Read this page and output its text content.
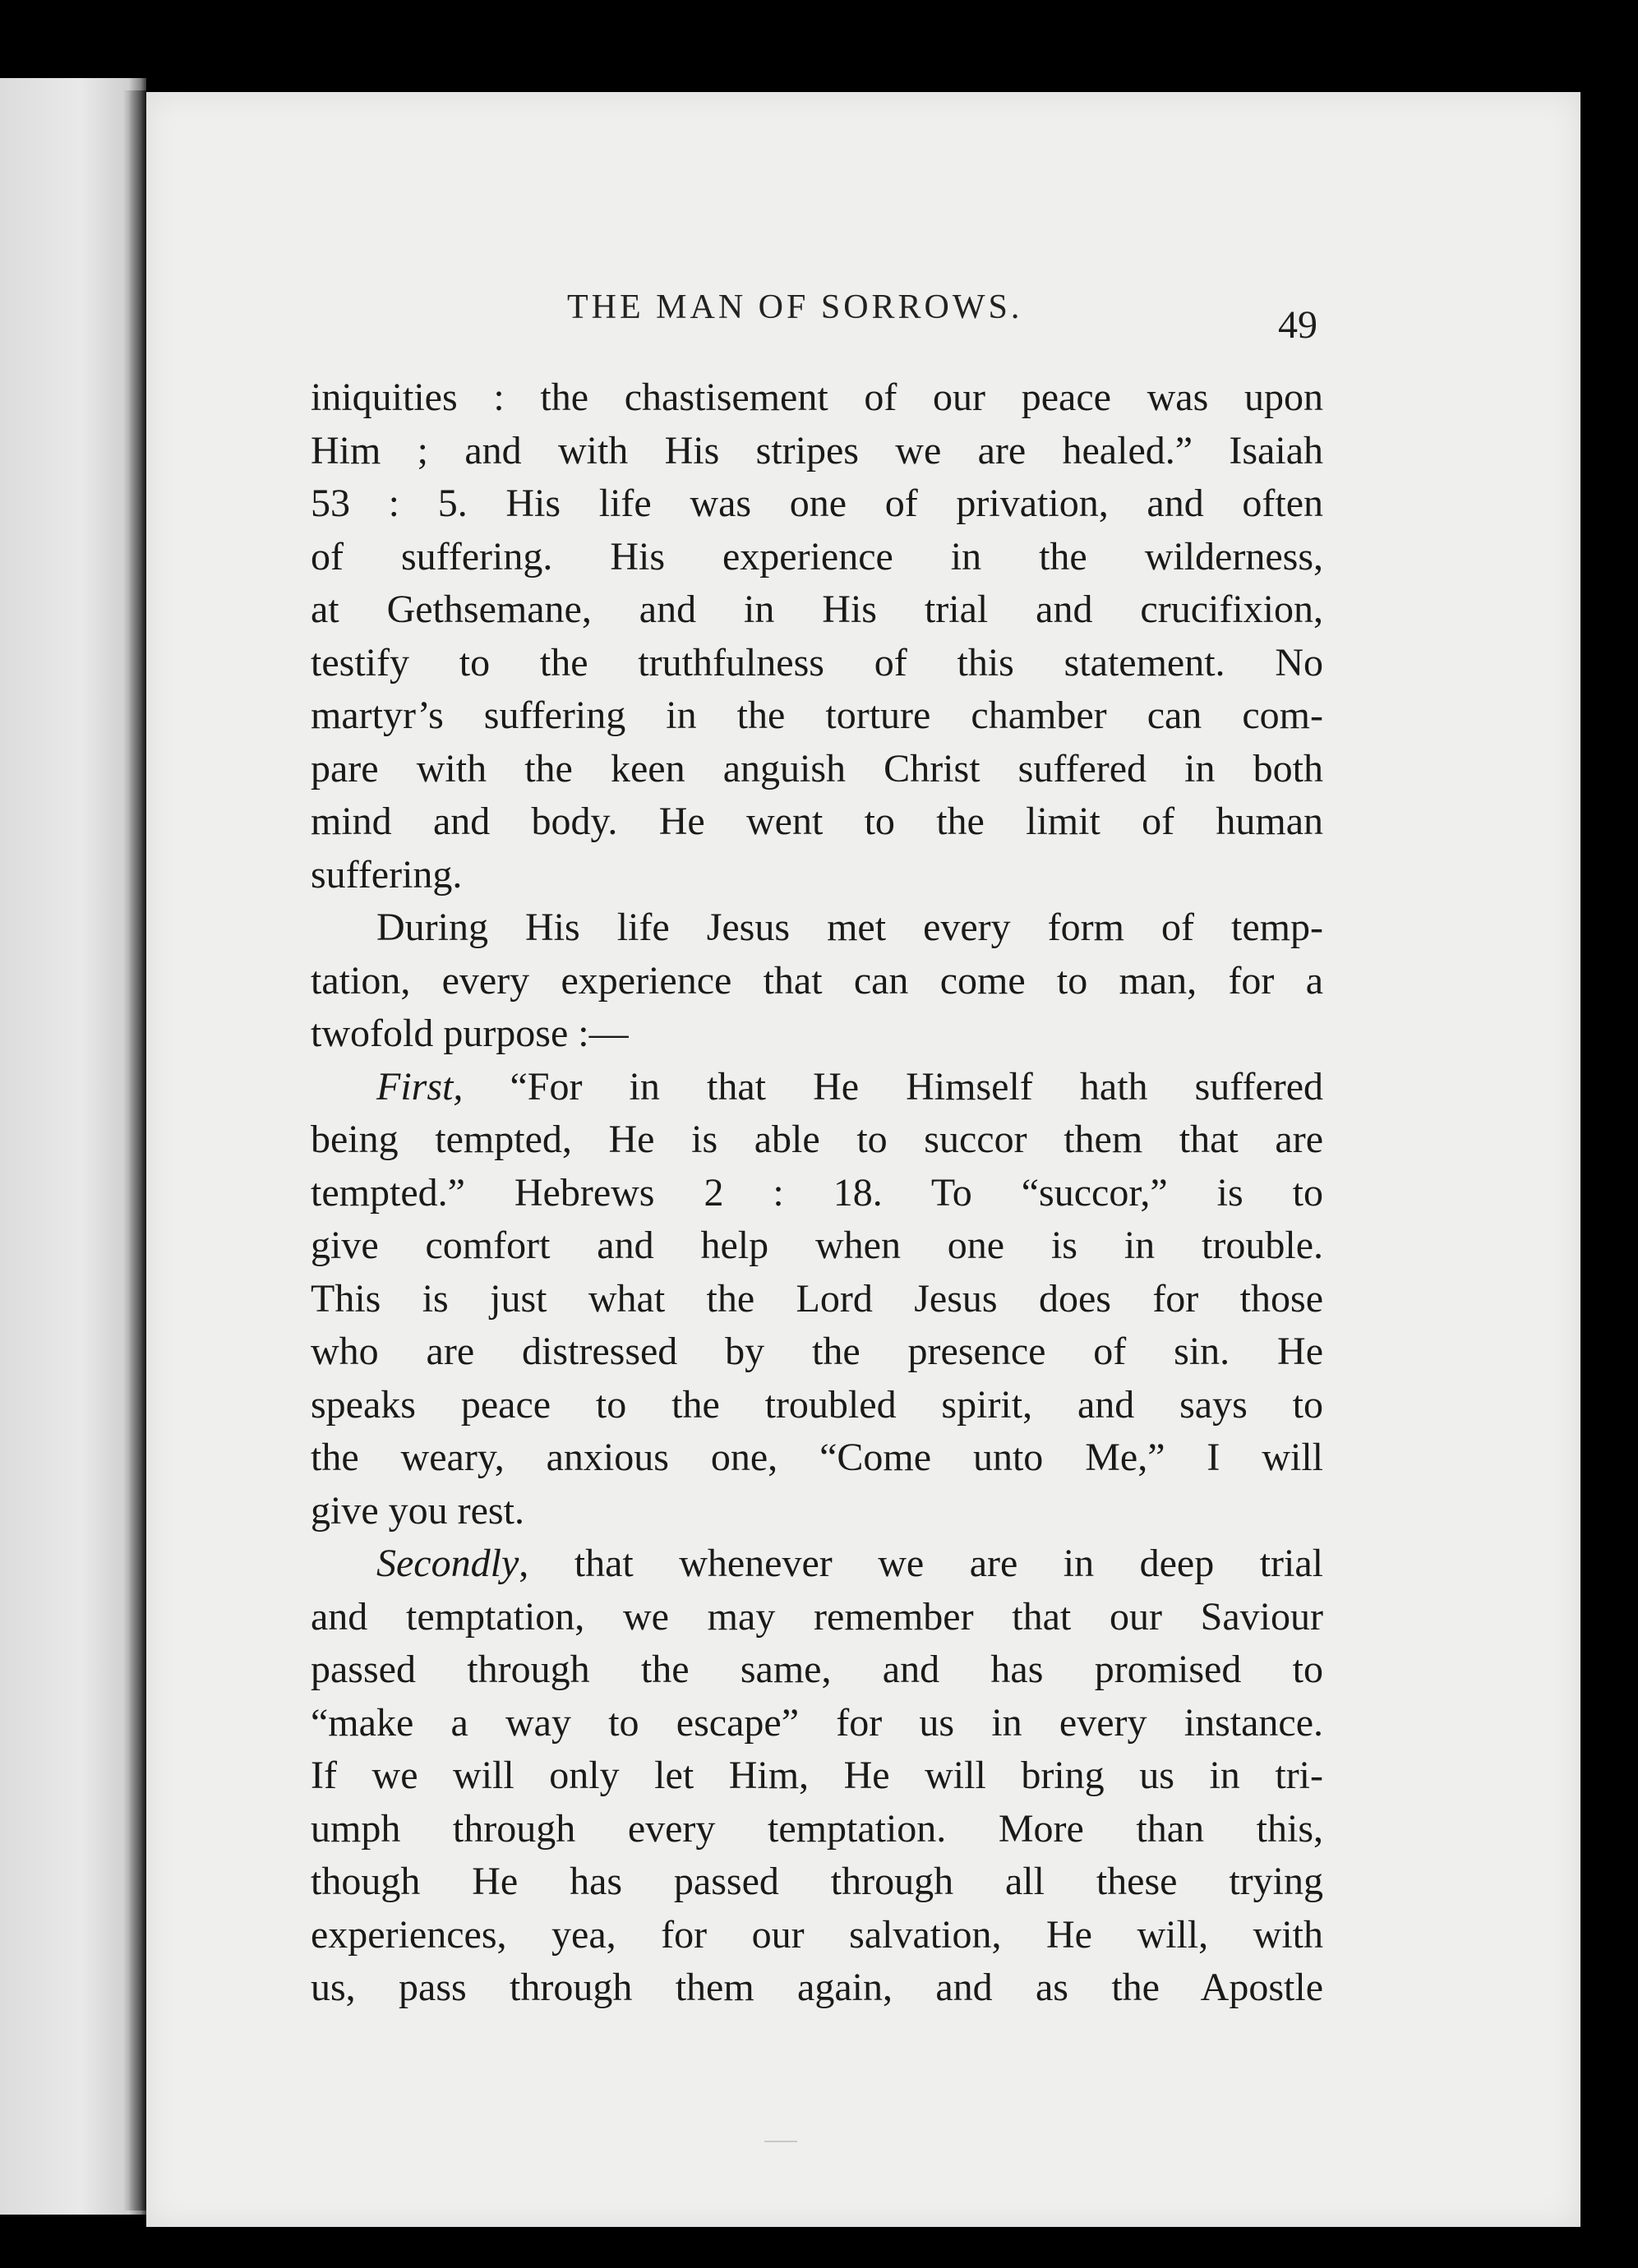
THE MAN OF SORROWS.	49
iniquities : the chastisement of our peace was upon
Him ; and with His stripes we are healed.” Isaiah
53 : 5. His life was one of privation, and often
of suffering. His experience in the wilderness,
at Gethsemane, and in His trial and crucifixion,
testify to the truthfulness of this statement. No
martyr’s suffering in the torture chamber can com-
pare with the keen anguish Christ suffered in both
mind and body. He went to the limit of human
suffering.
During His life Jesus met every form of temp-
tation, every experience that can come to man, for a
twofold purpose :—
First, “For in that He Himself hath suffered
being tempted, He is able to succor them that are
tempted.” Hebrews 2 : 18. To “succor,” is to
give comfort and help when one is in trouble.
This is just what the Lord Jesus does for those
who are distressed by the presence of sin. He
speaks peace to the troubled spirit, and says to
the weary, anxious one, “Come unto Me,” I will
give you rest.
Secondly, that whenever we are in deep trial
and temptation, we may remember that our Saviour
passed through the same, and has promised to
“make a way to escape” for us in every instance.
If we will only let Him, He will bring us in tri-
umph through every temptation. More than this,
though He has passed through all these trying
experiences, yea, for our salvation, He will, with
us, pass through them again, and as the Apostle
